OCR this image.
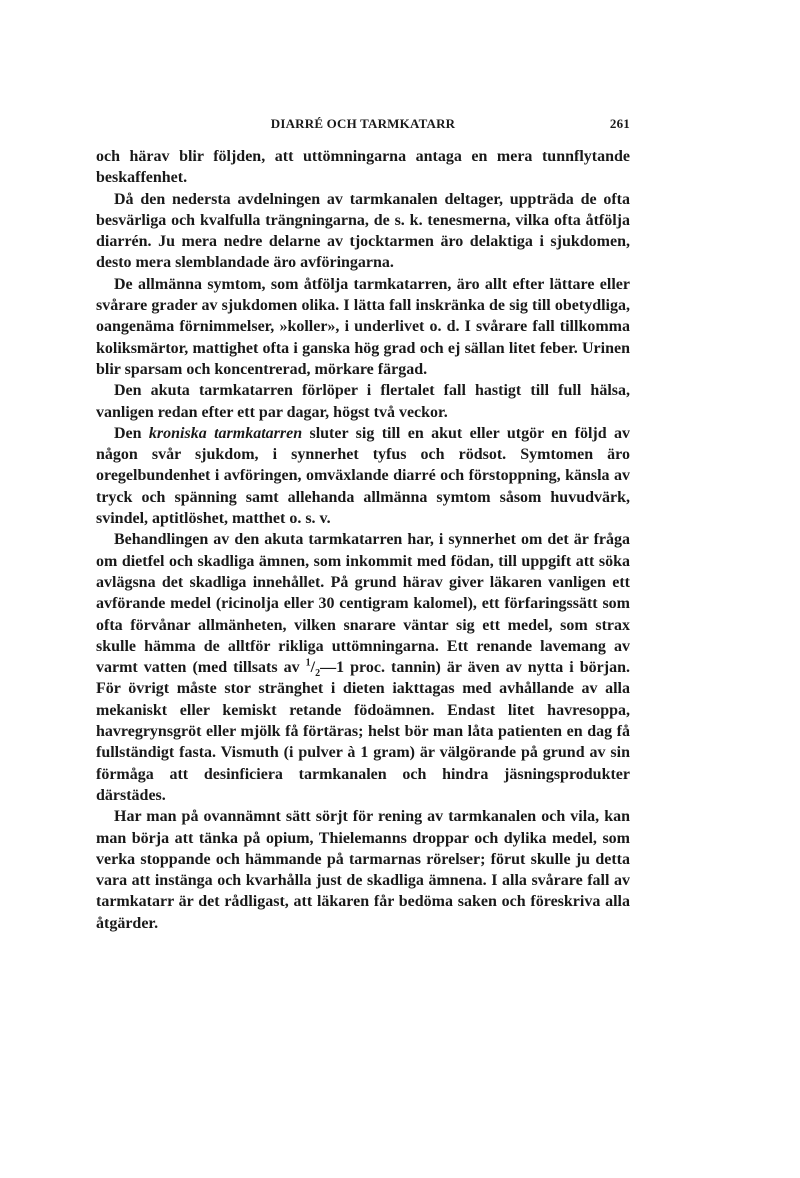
DIARRÉ OCH TARMKATARR	261

och härav blir följden, att uttömningarna antaga en mera tunnflytande beskaffenhet.

Då den nedersta avdelningen av tarmkanalen deltager, uppträda de ofta besvärliga och kvalfulla trängningarna, de s. k. tenesmerna, vilka ofta åtfölja diarrén. Ju mera nedre delarne av tjocktarmen äro delaktiga i sjukdomen, desto mera slemblandade äro avföringarna.

De allmänna symtom, som åtfölja tarmkatarren, äro allt efter lättare eller svårare grader av sjukdomen olika. I lätta fall inskränka de sig till obetydliga, oangenäma förnimmelser, »koller», i underlivet o. d. I svårare fall tillkomma koliksmärtor, mattighet ofta i ganska hög grad och ej sällan litet feber. Urinen blir sparsam och koncentrerad, mörkare färgad.

Den akuta tarmkatarren förlöper i flertalet fall hastigt till full hälsa, vanligen redan efter ett par dagar, högst två veckor.

Den kroniska tarmkatarren sluter sig till en akut eller utgör en följd av någon svår sjukdom, i synnerhet tyfus och rödsot. Symtomen äro oregelbundenhet i avföringen, omväxlande diarré och förstoppning, känsla av tryck och spänning samt allehanda allmänna symtom såsom huvudvärk, svindel, aptitlöshet, matthet o. s. v.

Behandlingen av den akuta tarmkatarren har, i synnerhet om det är fråga om dietfel och skadliga ämnen, som inkommit med födan, till uppgift att söka avlägsna det skadliga innehållet. På grund härav giver läkaren vanligen ett avförande medel (ricinolja eller 30 centigram kalomel), ett förfaringssätt som ofta förvånar allmänheten, vilken snarare väntar sig ett medel, som strax skulle hämma de alltför rikliga uttömningarna. Ett renande lavemang av varmt vatten (med tillsats av $^1/_2—1$ proc. tannin) är även av nytta i början. För övrigt måste stor stränghet i dieten iakttagas med avhållande av alla mekaniskt eller kemiskt retande födoämnen. Endast litet havresoppa, havregrynsgröt eller mjölk få förtäras; helst bör man låta patienten en dag få fullständigt fasta. Vismuth (i pulver à 1 gram) är välgörande på grund av sin förmåga att desinficiera tarmkanalen och hindra jäsningsprodukter därstädes.

Har man på ovannämnt sätt sörjt för rening av tarmkanalen och vila, kan man börja att tänka på opium, Thielemanns droppar och dylika medel, som verka stoppande och hämmande på tarmarnas rörelser; förut skulle ju detta vara att instänga och kvarhålla just de skadliga ämnena. I alla svårare fall av tarmkatarr är det rådligast, att läkaren får bedöma saken och föreskriva alla åtgärder.
